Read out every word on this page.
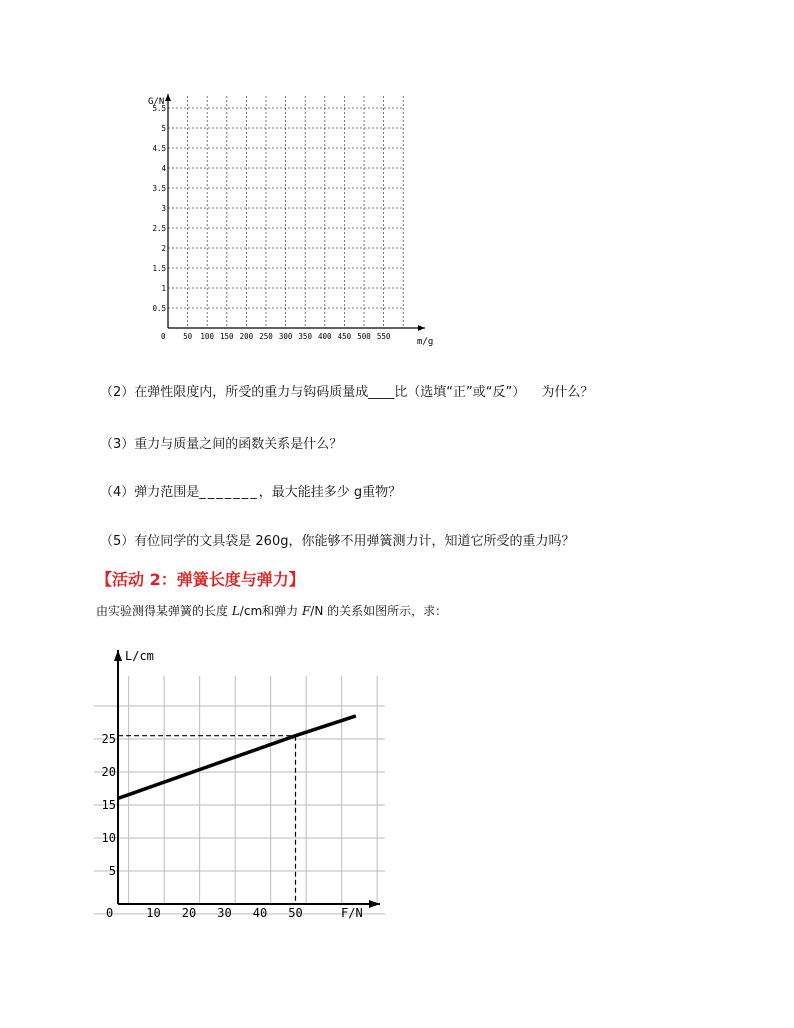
0 50 100 150 200 250 300 350 400 450 500 550
0.5
1
1.5
2
2.5
3
3.5
4
4.5
5
5.5
G/N
m/g
（2）在弹性限度内，所受的重力与钩码质量成____比（选填“正”或“反”） 为什么？
（3）重力与质量之间的函数关系是什么？
（4）弹力范围是_______，最大能挂多少 g重物？
（5）有位同学的文具袋是 260g，你能够不用弹簧测力计，知道它所受的重力吗？
【活动 2：弹簧长度与弹力】
由实验测得某弹簧的长度 L/cm和弹力 F/N 的关系如图所示，求：
0	10 20 30 40 50
5
10
15
20
25
L/cm
F/N
